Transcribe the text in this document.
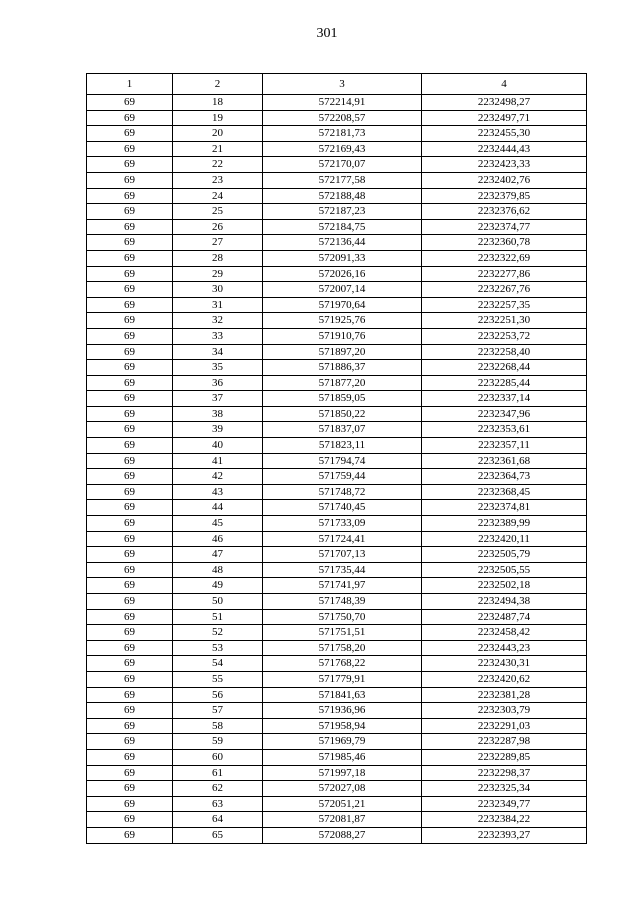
301
1	2	3	4
69	18	572214,91	2232498,27
69	19	572208,57	2232497,71
69	20	572181,73	2232455,30
69	21	572169,43	2232444,43
69	22	572170,07	2232423,33
69	23	572177,58	2232402,76
69	24	572188,48	2232379,85
69	25	572187,23	2232376,62
69	26	572184,75	2232374,77
69	27	572136,44	2232360,78
69	28	572091,33	2232322,69
69	29	572026,16	2232277,86
69	30	572007,14	2232267,76
69	31	571970,64	2232257,35
69	32	571925,76	2232251,30
69	33	571910,76	2232253,72
69	34	571897,20	2232258,40
69	35	571886,37	2232268,44
69	36	571877,20	2232285,44
69	37	571859,05	2232337,14
69	38	571850,22	2232347,96
69	39	571837,07	2232353,61
69	40	571823,11	2232357,11
69	41	571794,74	2232361,68
69	42	571759,44	2232364,73
69	43	571748,72	2232368,45
69	44	571740,45	2232374,81
69	45	571733,09	2232389,99
69	46	571724,41	2232420,11
69	47	571707,13	2232505,79
69	48	571735,44	2232505,55
69	49	571741,97	2232502,18
69	50	571748,39	2232494,38
69	51	571750,70	2232487,74
69	52	571751,51	2232458,42
69	53	571758,20	2232443,23
69	54	571768,22	2232430,31
69	55	571779,91	2232420,62
69	56	571841,63	2232381,28
69	57	571936,96	2232303,79
69	58	571958,94	2232291,03
69	59	571969,79	2232287,98
69	60	571985,46	2232289,85
69	61	571997,18	2232298,37
69	62	572027,08	2232325,34
69	63	572051,21	2232349,77
69	64	572081,87	2232384,22
69	65	572088,27	2232393,27
